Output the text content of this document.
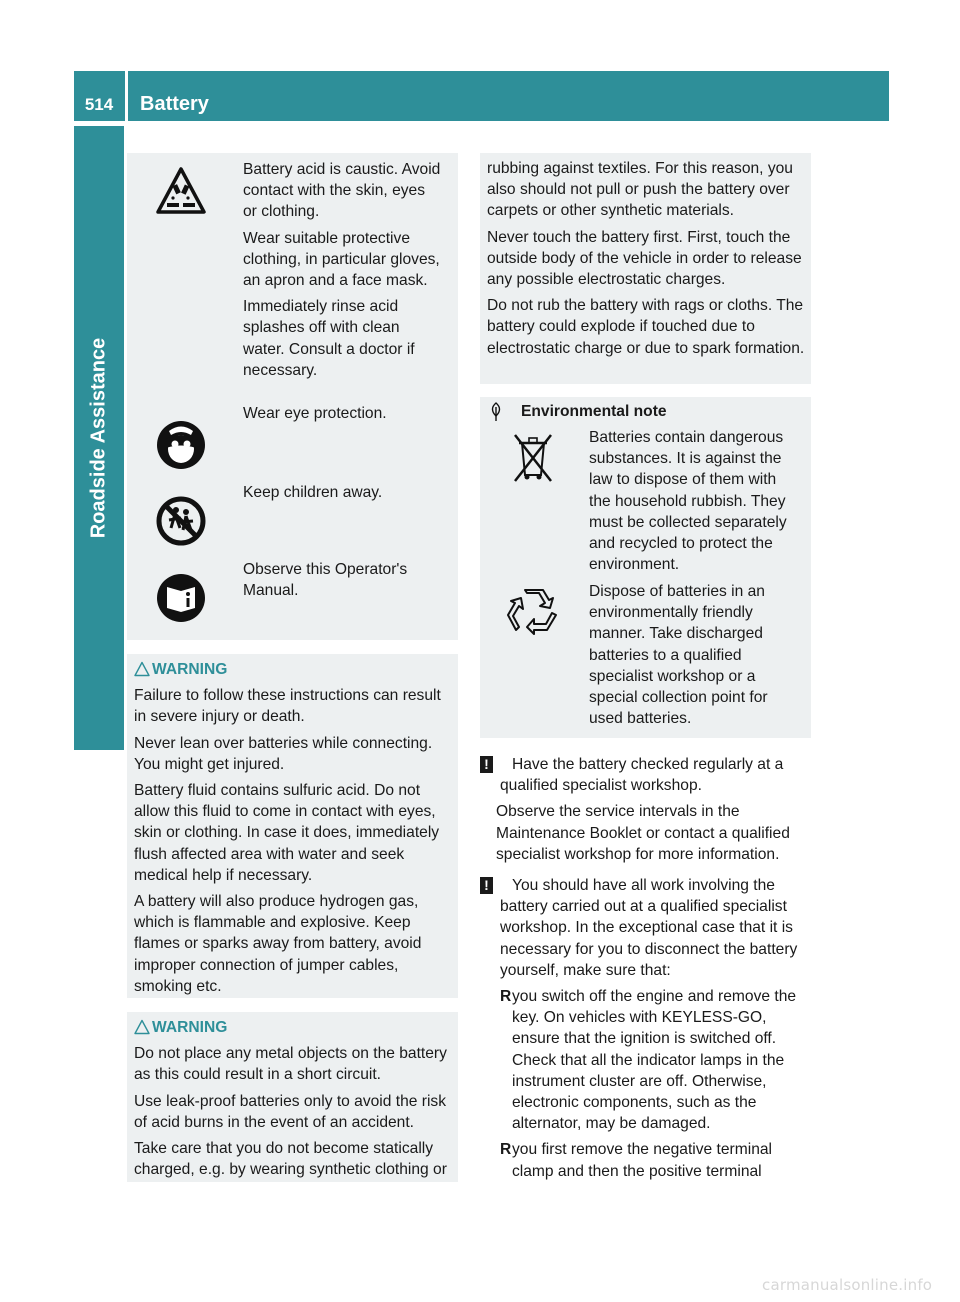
514	Battery
Roadside Assistance

Battery acid is caustic. Avoid contact with the skin, eyes or clothing.

Wear suitable protective clothing, in particular gloves, an apron and a face mask.

Immediately rinse acid splashes off with clean water. Consult a doctor if necessary.

Wear eye protection.

Keep children away.

Observe this Operator's Manual.

WARNING

Failure to follow these instructions can result in severe injury or death.

Never lean over batteries while connecting. You might get injured.

Battery fluid contains sulfuric acid. Do not allow this fluid to come in contact with eyes, skin or clothing. In case it does, immediately flush affected area with water and seek medical help if necessary.

A battery will also produce hydrogen gas, which is flammable and explosive. Keep flames or sparks away from battery, avoid improper connection of jumper cables, smoking etc.

WARNING

Do not place any metal objects on the battery as this could result in a short circuit.

Use leak-proof batteries only to avoid the risk of acid burns in the event of an accident.

Take care that you do not become statically charged, e.g. by wearing synthetic clothing or

rubbing against textiles. For this reason, you also should not pull or push the battery over carpets or other synthetic materials.

Never touch the battery first. First, touch the outside body of the vehicle in order to release any possible electrostatic charges.

Do not rub the battery with rags or cloths. The battery could explode if touched due to electrostatic charge or due to spark formation.

Environmental note
Batteries contain dangerous substances. It is against the law to dispose of them with the household rubbish. They must be collected separately and recycled to protect the environment.
Dispose of batteries in an environmentally friendly manner. Take discharged batteries to a qualified specialist workshop or a special collection point for used batteries.
!	Have the battery checked regularly at a qualified specialist workshop.

Observe the service intervals in the Maintenance Booklet or contact a qualified specialist workshop for more information.

!	You should have all work involving the battery carried out at a qualified specialist workshop. In the exceptional case that it is necessary for you to disconnect the battery yourself, make sure that:

R you switch off the engine and remove the key. On vehicles with KEYLESS-GO, ensure that the ignition is switched off. Check that all the indicator lamps in the instrument cluster are off. Otherwise, electronic components, such as the alternator, may be damaged.
R you first remove the negative terminal clamp and then the positive terminal
carmanualsonline.info
